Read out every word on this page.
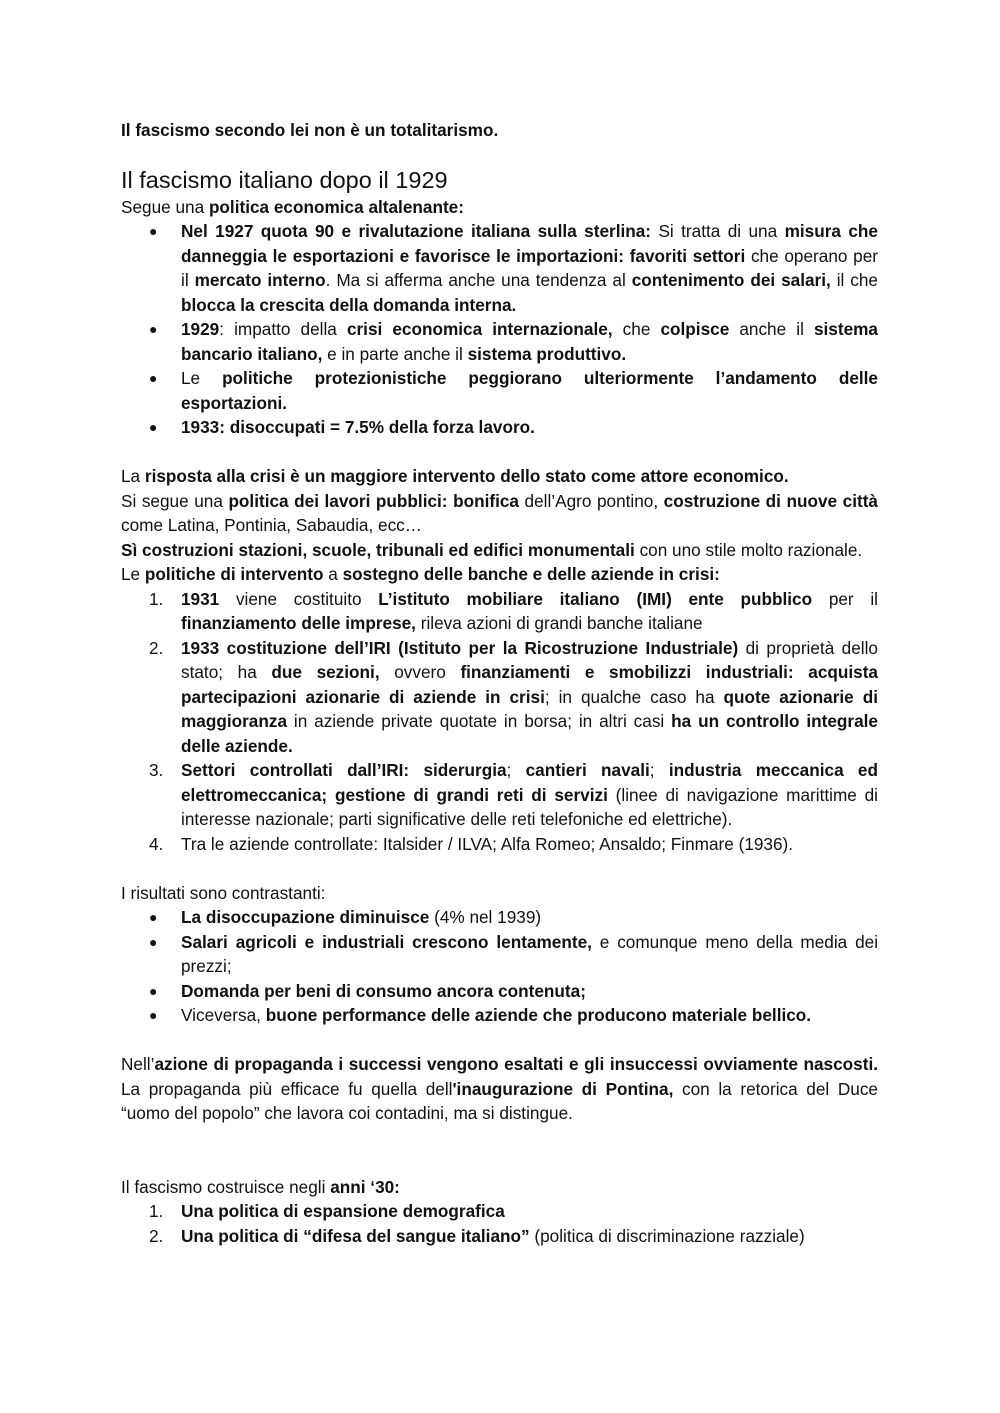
Il fascismo secondo lei non è un totalitarismo.

Il fascismo italiano dopo il 1929

Segue una politica economica altalenante:

●	Nel 1927 quota 90 e rivalutazione italiana sulla sterlina: Si tratta di una misura che danneggia le esportazioni e favorisce le importazioni: favoriti settori che operano per il mercato interno. Ma si afferma anche una tendenza al contenimento dei salari, il che blocca la crescita della domanda interna.
●	1929: impatto della crisi economica internazionale, che colpisce anche il sistema bancario italiano, e in parte anche il sistema produttivo.
●	Le politiche protezionistiche peggiorano ulteriormente l’andamento delle esportazioni.
●	1933: disoccupati = 7.5% della forza lavoro.

La risposta alla crisi è un maggiore intervento dello stato come attore economico.

Si segue una politica dei lavori pubblici: bonifica dell’Agro pontino, costruzione di nuove città come Latina, Pontinia, Sabaudia, ecc…

Sì costruzioni stazioni, scuole, tribunali ed edifici monumentali con uno stile molto razionale.

Le politiche di intervento a sostegno delle banche e delle aziende in crisi:

1.	1931 viene costituito L’istituto mobiliare italiano (IMI) ente pubblico per il finanziamento delle imprese, rileva azioni di grandi banche italiane
2.	1933 costituzione dell’IRI (Istituto per la Ricostruzione Industriale) di proprietà dello stato; ha due sezioni, ovvero finanziamenti e smobilizzi industriali: acquista partecipazioni azionarie di aziende in crisi; in qualche caso ha quote azionarie di maggioranza in aziende private quotate in borsa; in altri casi ha un controllo integrale delle aziende.
3.	Settori controllati dall’IRI: siderurgia; cantieri navali; industria meccanica ed elettromeccanica; gestione di grandi reti di servizi (linee di navigazione marittime di interesse nazionale; parti significative delle reti telefoniche ed elettriche).
4.	Tra le aziende controllate: Italsider / ILVA; Alfa Romeo; Ansaldo; Finmare (1936).

I risultati sono contrastanti:

●	La disoccupazione diminuisce (4% nel 1939)
●	Salari agricoli e industriali crescono lentamente, e comunque meno della media dei prezzi;
●	Domanda per beni di consumo ancora contenuta;
●	Viceversa, buone performance delle aziende che producono materiale bellico.

Nell’azione di propaganda i successi vengono esaltati e gli insuccessi ovviamente nascosti. La propaganda più efficace fu quella dell'inaugurazione di Pontina, con la retorica del Duce “uomo del popolo” che lavora coi contadini, ma si distingue.

Il fascismo costruisce negli anni ‘30:

1.	Una politica di espansione demografica
2.	Una politica di “difesa del sangue italiano” (politica di discriminazione razziale)
